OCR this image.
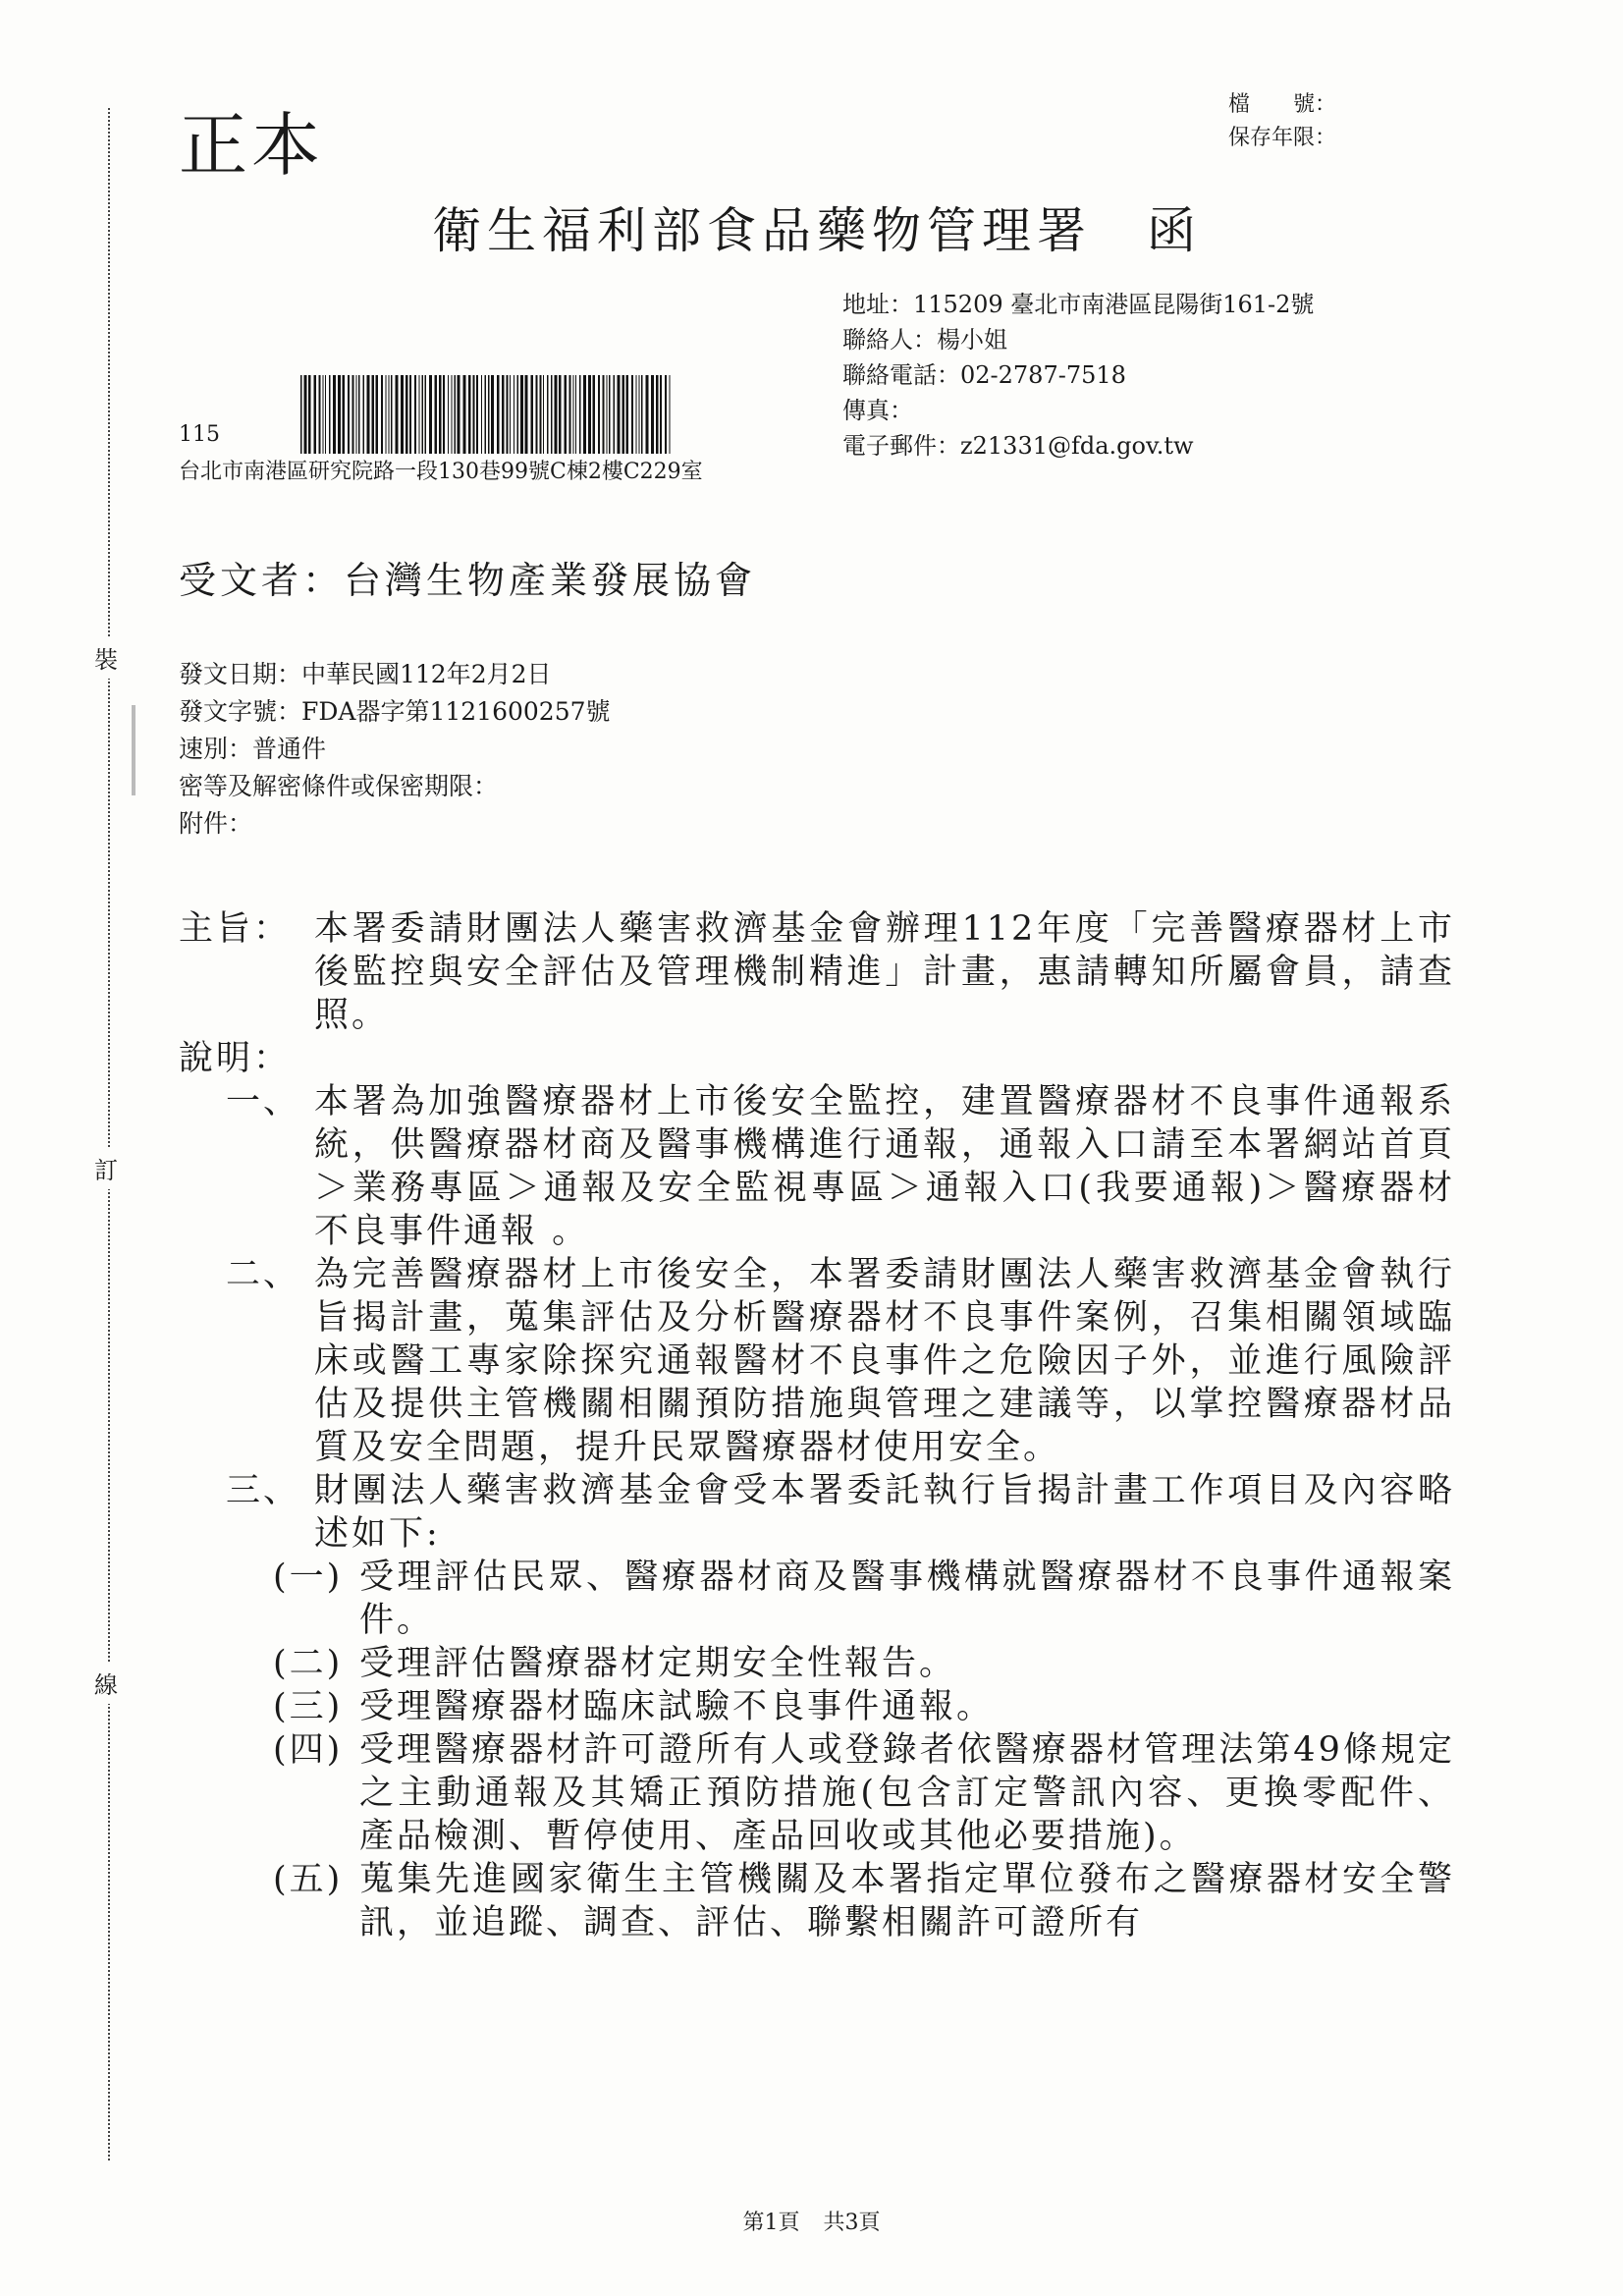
裝
訂
線
正本
檔　　號：
保存年限：
衛生福利部食品藥物管理署 函
地址：115209 臺北市南港區昆陽街161-2號
聯絡人：楊小姐
聯絡電話：02-2787-7518
傳真：
電子郵件：z21331@fda.gov.tw
115
台北市南港區研究院路一段130巷99號C棟2樓C229室
受文者：台灣生物產業發展協會
發文日期：中華民國112年2月2日
發文字號：FDA器字第1121600257號
速別：普通件
密等及解密條件或保密期限：
附件：
主旨： 本署委請財團法人藥害救濟基金會辦理112年度「完善醫療器材上市後監控與安全評估及管理機制精進」計畫，惠請轉知所屬會員，請查照。
說明：
一、 本署為加強醫療器材上市後安全監控，建置醫療器材不良事件通報系統，供醫療器材商及醫事機構進行通報，通報入口請至本署網站首頁＞業務專區＞通報及安全監視專區＞通報入口(我要通報)＞醫療器材不良事件通報 。
二、 為完善醫療器材上市後安全，本署委請財團法人藥害救濟基金會執行旨揭計畫，蒐集評估及分析醫療器材不良事件案例，召集相關領域臨床或醫工專家除探究通報醫材不良事件之危險因子外，並進行風險評估及提供主管機關相關預防措施與管理之建議等，以掌控醫療器材品質及安全問題，提升民眾醫療器材使用安全。
三、 財團法人藥害救濟基金會受本署委託執行旨揭計畫工作項目及內容略述如下:
(一) 受理評估民眾、醫療器材商及醫事機構就醫療器材不良事件通報案件。
(二) 受理評估醫療器材定期安全性報告。
(三) 受理醫療器材臨床試驗不良事件通報。
(四) 受理醫療器材許可證所有人或登錄者依醫療器材管理法第49條規定之主動通報及其矯正預防措施(包含訂定警訊內容、更換零配件、產品檢測、暫停使用、產品回收或其他必要措施)。
(五) 蒐集先進國家衛生主管機關及本署指定單位發布之醫療器材安全警訊，並追蹤、調查、評估、聯繫相關許可證所有
第1頁 共3頁
